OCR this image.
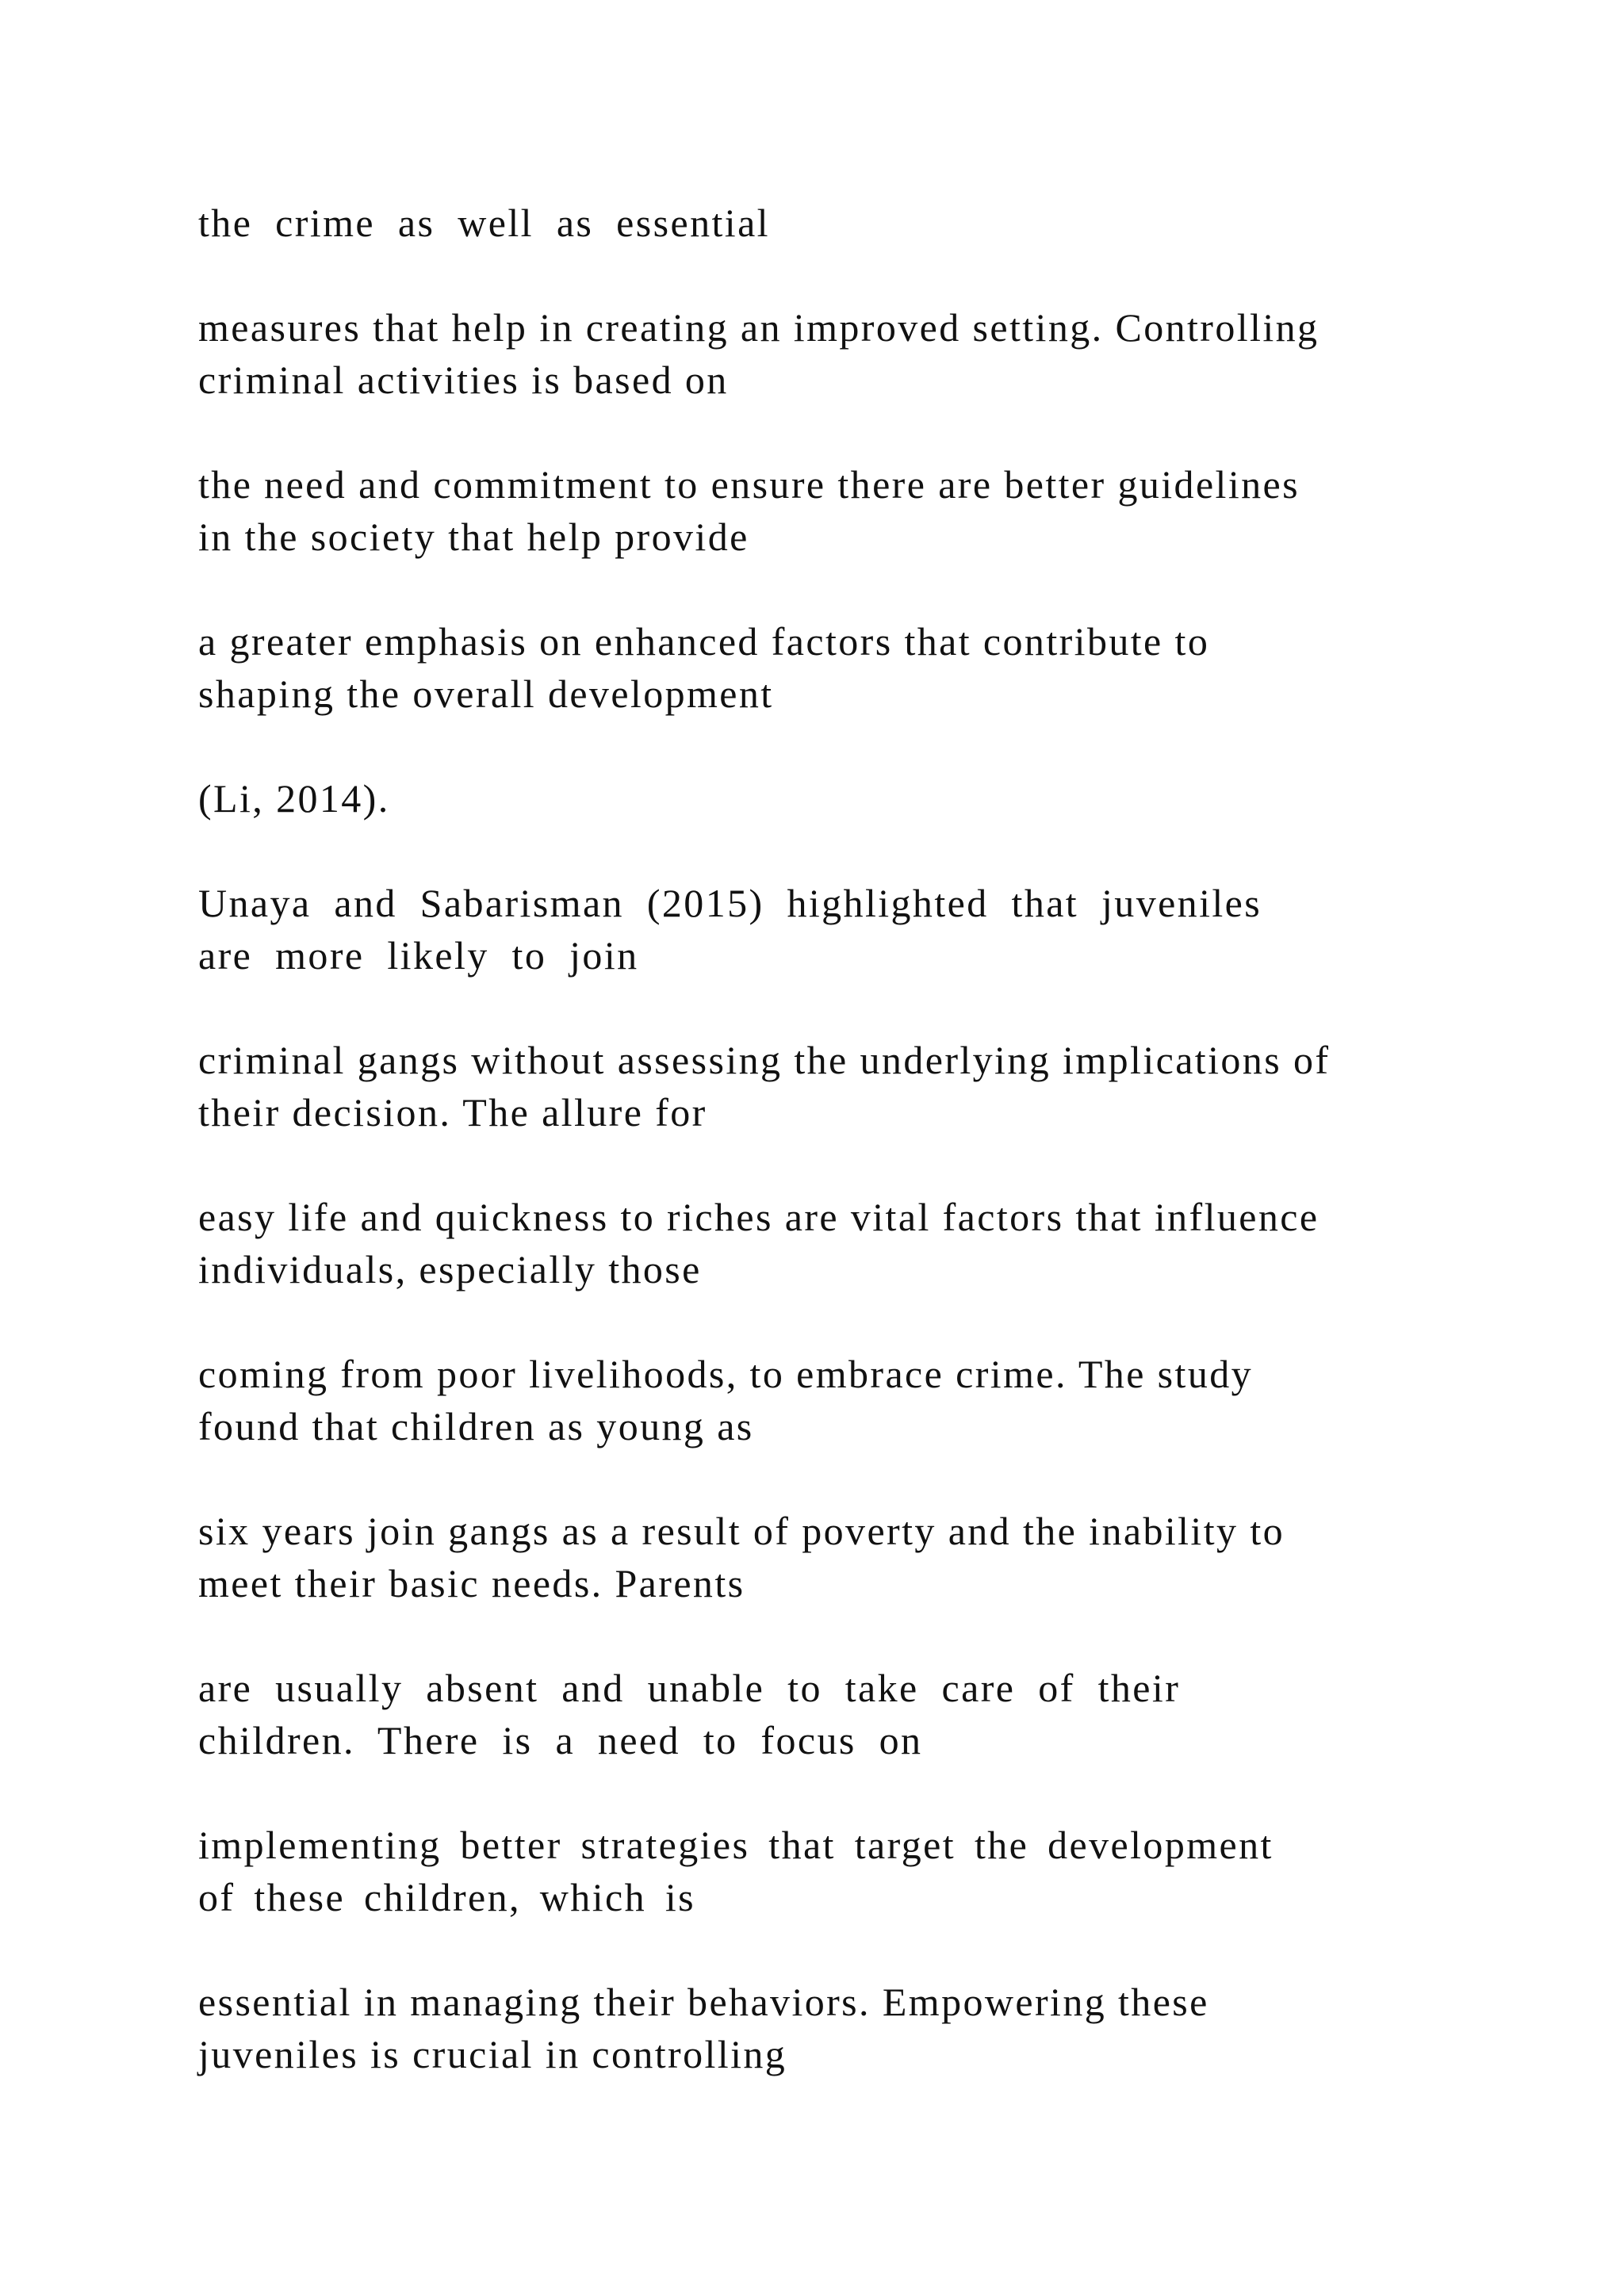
the crime as well as essential

measures that help in creating an improved setting. Controlling

criminal activities is based on

the need and commitment to ensure there are better guidelines

in the society that help provide

a greater emphasis on enhanced factors that contribute to

shaping the overall development

(Li, 2014).

Unaya and Sabarisman (2015) highlighted that juveniles

are more likely to join

criminal gangs without assessing the underlying implications of

their decision. The allure for

easy life and quickness to riches are vital factors that influence

individuals, especially those

coming from poor livelihoods, to embrace crime. The study

found that children as young as

six years join gangs as a result of poverty and the inability to

meet their basic needs. Parents

are usually absent and unable to take care of their

children. There is a need to focus on

implementing better strategies that target the development

of these children, which is

essential in managing their behaviors. Empowering these

juveniles is crucial in controlling
